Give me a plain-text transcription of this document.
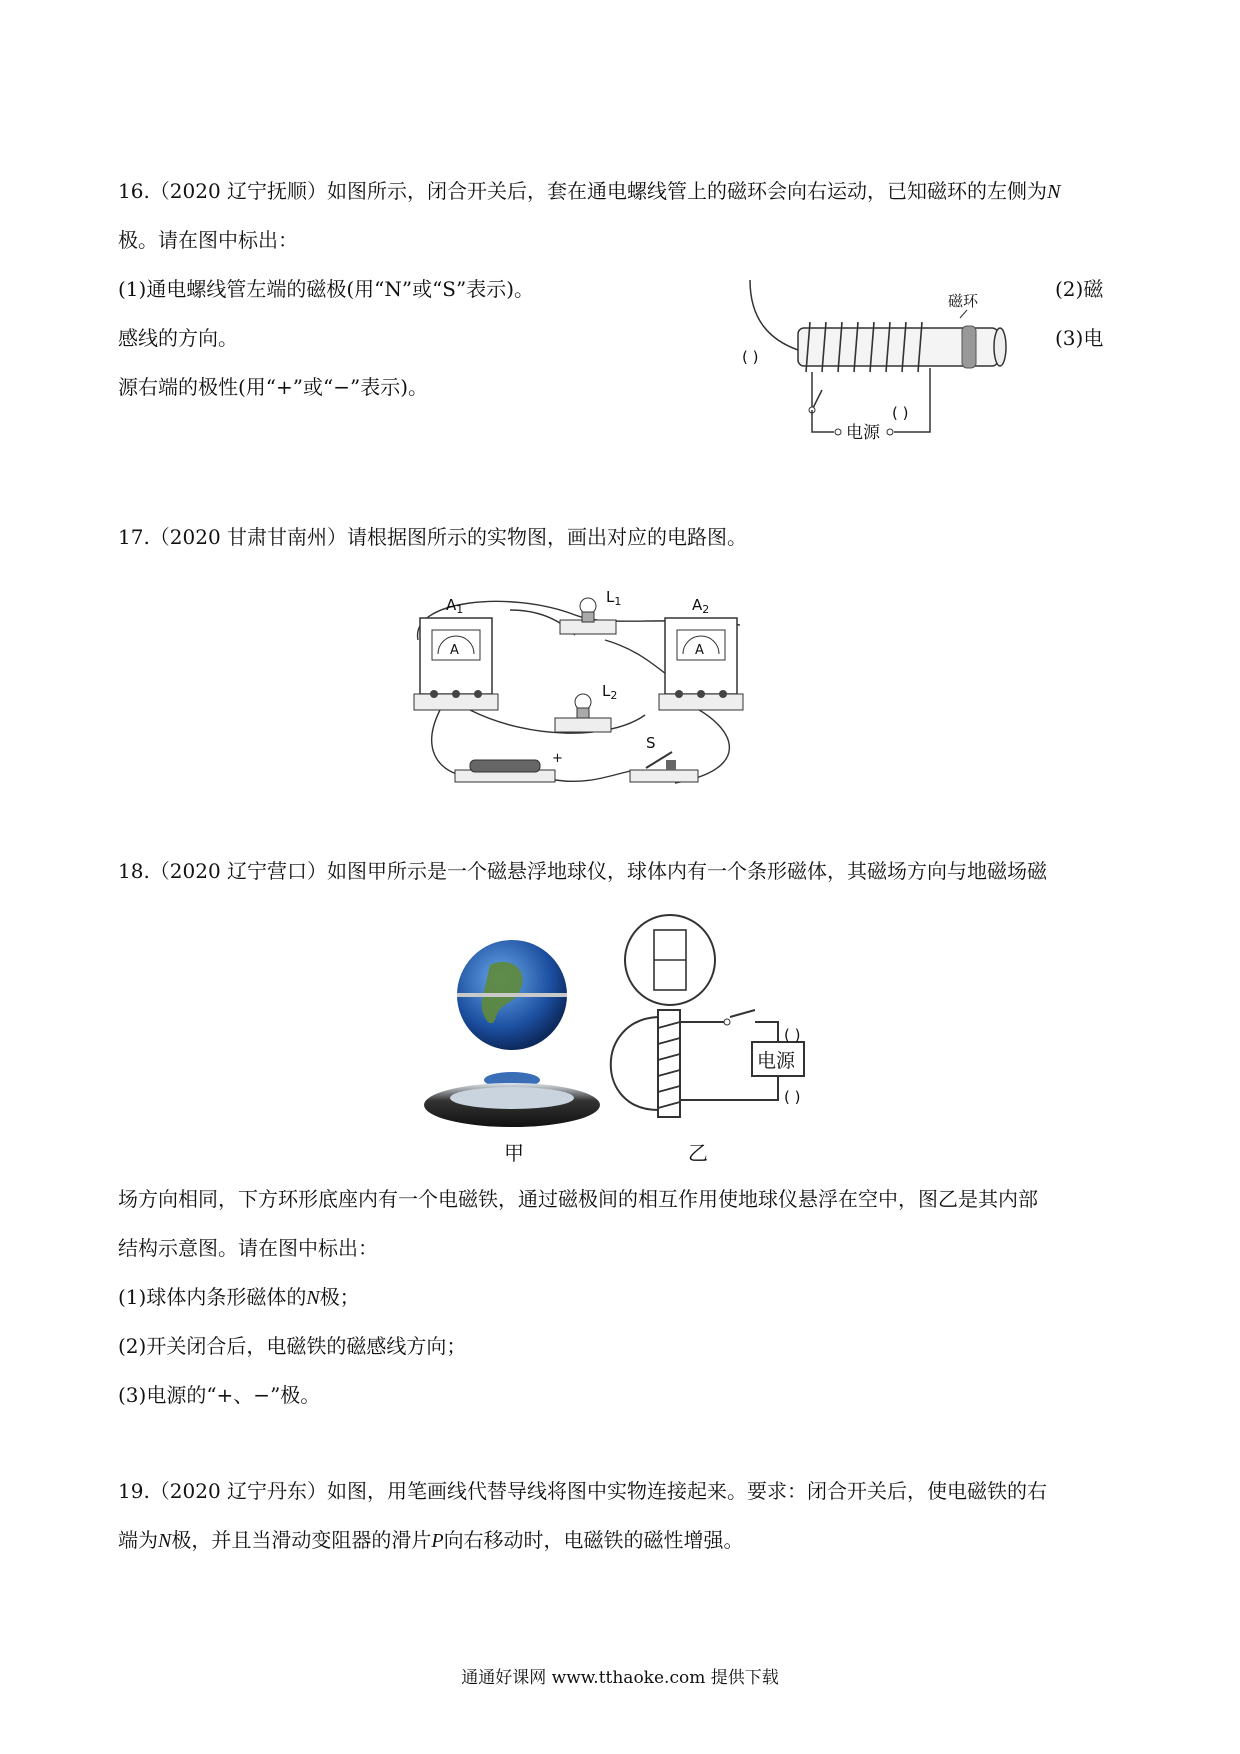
16.（2020 辽宁抚顺）如图所示，闭合开关后，套在通电螺线管上的磁环会向右运动，已知磁环的左侧为N
极。请在图中标出：
(1)通电螺线管左端的磁极(用“N”或“S”表示)。
感线的方向。
源右端的极性(用“+”或“−”表示)。
(2)磁
(3)电
磁环
( )
电源
( )
17.（2020 甘肃甘南州）请根据图所示的实物图，画出对应的电路图。
A
$A_1$
$L_1$
$L_2$
A
$A_2$
+
S
18.（2020 辽宁营口）如图甲所示是一个磁悬浮地球仪，球体内有一个条形磁体，其磁场方向与地磁场磁
甲
电源
( )
( )
乙
场方向相同，下方环形底座内有一个电磁铁，通过磁极间的相互作用使地球仪悬浮在空中，图乙是其内部
结构示意图。请在图中标出：
(1)球体内条形磁体的N极；
(2)开关闭合后，电磁铁的磁感线方向；
(3)电源的“+、−”极。
19.（2020 辽宁丹东）如图，用笔画线代替导线将图中实物连接起来。要求：闭合开关后，使电磁铁的右
端为N极，并且当滑动变阻器的滑片P向右移动时，电磁铁的磁性增强。
通通好课网 www.tthaoke.com 提供下载
